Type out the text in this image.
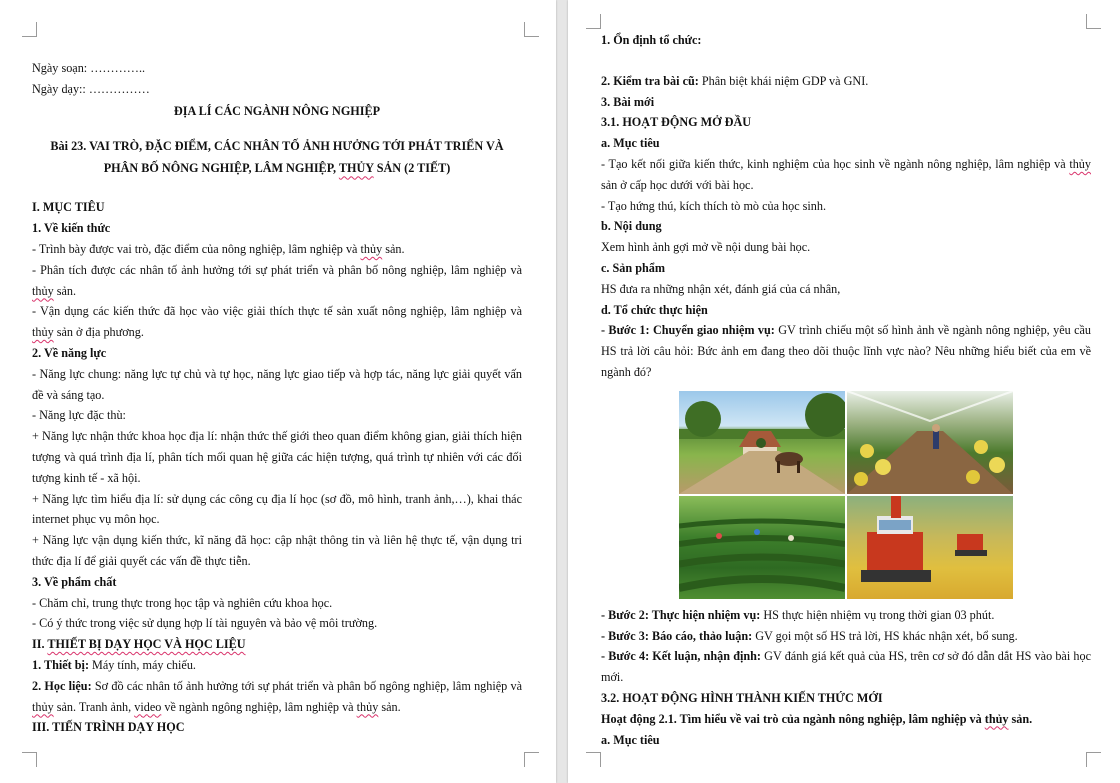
Ngày soạn: …………..

Ngày dạy:: ……………

ĐỊA LÍ CÁC NGÀNH NÔNG NGHIỆP

Bài 23. VAI TRÒ, ĐẶC ĐIỂM, CÁC NHÂN TỐ ẢNH HƯỞNG TỚI PHÁT TRIỂN VÀ
PHÂN BỐ NÔNG NGHIỆP, LÂM NGHIỆP, THỦY SẢN (2 TIẾT)

I. MỤC TIÊU

1. Về kiến thức

- Trình bày được vai trò, đặc điểm của nông nghiệp, lâm nghiệp và thủy sản.

- Phân tích được các nhân tố ảnh hưởng tới sự phát triển và phân bố nông nghiệp, lâm nghiệp và thủy sản.

- Vận dụng các kiến thức đã học vào việc giải thích thực tế sản xuất nông nghiệp, lâm nghiệp và thủy sản ở địa phương.

2. Về năng lực

- Năng lực chung: năng lực tự chủ và tự học, năng lực giao tiếp và hợp tác, năng lực giải quyết vấn đề và sáng tạo.

- Năng lực đặc thù:

+ Năng lực nhận thức khoa học địa lí: nhận thức thế giới theo quan điểm không gian, giải thích hiện tượng và quá trình địa lí, phân tích mối quan hệ giữa các hiện tượng, quá trình tự nhiên với các đối tượng kinh tế - xã hội.

+ Năng lực tìm hiểu địa lí: sử dụng các công cụ địa lí học (sơ đồ, mô hình, tranh ảnh,…), khai thác internet phục vụ môn học.

+ Năng lực vận dụng kiến thức, kĩ năng đã học: cập nhật thông tin và liên hệ thực tế, vận dụng tri thức địa lí để giải quyết các vấn đề thực tiễn.

3. Về phẩm chất

- Chăm chỉ, trung thực trong học tập và nghiên cứu khoa học.

- Có ý thức trong việc sử dụng hợp lí tài nguyên và bảo vệ môi trường.

II. THIẾT BỊ DẠY HỌC VÀ HỌC LIỆU

1. Thiết bị: Máy tính, máy chiếu.

2. Học liệu: Sơ đồ các nhân tố ảnh hưởng tới sự phát triển và phân bố ngông nghiệp, lâm nghiệp và thủy sản. Tranh ảnh, video về ngành ngông nghiệp, lâm nghiệp và thủy sản.

III. TIẾN TRÌNH DẠY HỌC

1. Ổn định tổ chức:

2. Kiểm tra bài cũ: Phân biệt khái niệm GDP và GNI.

3. Bài mới

3.1. HOẠT ĐỘNG MỞ ĐẦU

a. Mục tiêu

- Tạo kết nối giữa kiến thức, kinh nghiệm của học sinh về ngành nông nghiệp, lâm nghiệp và thủy sản ở cấp học dưới với bài học.

- Tạo hứng thú, kích thích tò mò của học sinh.

b. Nội dung

Xem hình ảnh gợi mở về nội dung bài học.

c. Sản phẩm

HS đưa ra những nhận xét, đánh giá của cá nhân,

d. Tổ chức thực hiện

- Bước 1: Chuyển giao nhiệm vụ: GV trình chiếu một số hình ảnh về ngành nông nghiệp, yêu cầu HS trả lời câu hỏi: Bức ảnh em đang theo dõi thuộc lĩnh vực nào? Nêu những hiểu biết của em về ngành đó?

- Bước 2: Thực hiện nhiệm vụ: HS thực hiện nhiệm vụ trong thời gian 03 phút.

- Bước 3: Báo cáo, thảo luận: GV gọi một số HS trả lời, HS khác nhận xét, bổ sung.

- Bước 4: Kết luận, nhận định: GV đánh giá kết quả của HS, trên cơ sở đó dẫn dắt HS vào bài học mới.

3.2. HOẠT ĐỘNG HÌNH THÀNH KIẾN THỨC MỚI

Hoạt động 2.1. Tìm hiểu về vai trò của ngành nông nghiệp, lâm nghiệp và thủy sản.

a. Mục tiêu
